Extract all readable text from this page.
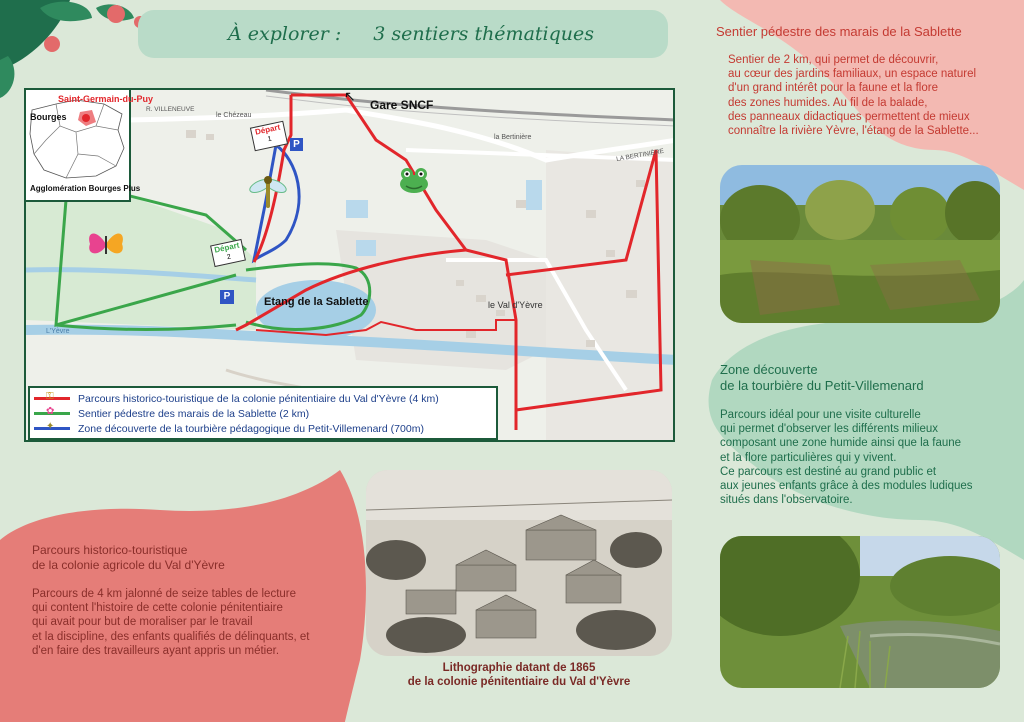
À explorer : 3 sentiers thématiques
Saint-Germain-du-Puy
Bourges
Agglomération Bourges Plus
Gare SNCF
↖
Etang de la Sablette	le Val d'Yèvre
le Chézeau
la Bertinière
LA BERTINIÈRE
R. VILLENEUVE
L'Yèvre
Départ
1
Départ
2
P
P
⚿ Parcours historico-touristique de la colonie pénitentiaire du Val d'Yèvre (4 km)
✿ Sentier pédestre des marais de la Sablette (2 km)
✦ Zone découverte de la tourbière pédagogique du Petit-Villemenard (700m)
Sentier pédestre des marais de la Sablette
Sentier de 2 km, qui permet de découvrir,
au cœur des jardins familiaux, un espace naturel
d'un grand intérêt pour la faune et la flore
des zones humides. Au fil de la balade,
des panneaux didactiques permettent de mieux
connaître la rivière Yèvre, l'étang de la Sablette...
Zone découverte
de la tourbière du Petit-Villemenard
Parcours idéal pour une visite culturelle
qui permet d'observer les différents milieux
composant une zone humide ainsi que la faune
et la flore particulières qui y vivent.
Ce parcours est destiné au grand public et
aux jeunes enfants grâce à des modules ludiques
situés dans l'observatoire.
Parcours historico-touristique
de la colonie agricole du Val d'Yèvre
Parcours de 4 km jalonné de seize tables de lecture
qui content l'histoire de cette colonie pénitentiaire
qui avait pour but de moraliser par le travail
et la discipline, des enfants qualifiés de délinquants, et
d'en faire des travailleurs ayant appris un métier.
Lithographie datant de 1865
de la colonie pénitentiaire du Val d'Yèvre
